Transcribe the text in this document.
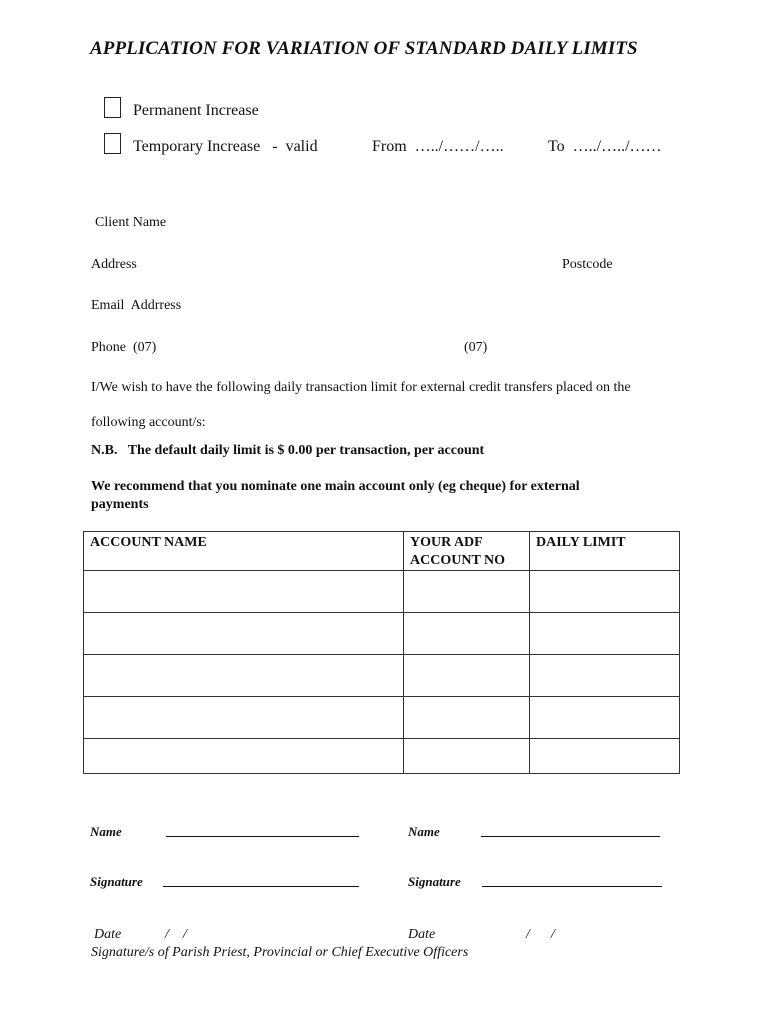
APPLICATION FOR VARIATION OF STANDARD DAILY LIMITS
Permanent Increase
Temporary Increase   -  valid	From  …../……/…..	To  …../…../……
Client Name
Address	Postcode
Email  Addrress
Phone  (07)	(07)
I/We wish to have the following daily transaction limit for external credit transfers placed on the
following account/s:
N.B.   The default daily limit is $ 0.00 per transaction, per account
We recommend that you nominate one main account only (eg cheque) for external
payments
ACCOUNT NAME	YOUR ADF ACCOUNT NO	DAILY LIMIT

Name	Name
Signature	Signature
Date	/    /	Date	/      /
Signature/s of Parish Priest, Provincial or Chief Executive Officers
